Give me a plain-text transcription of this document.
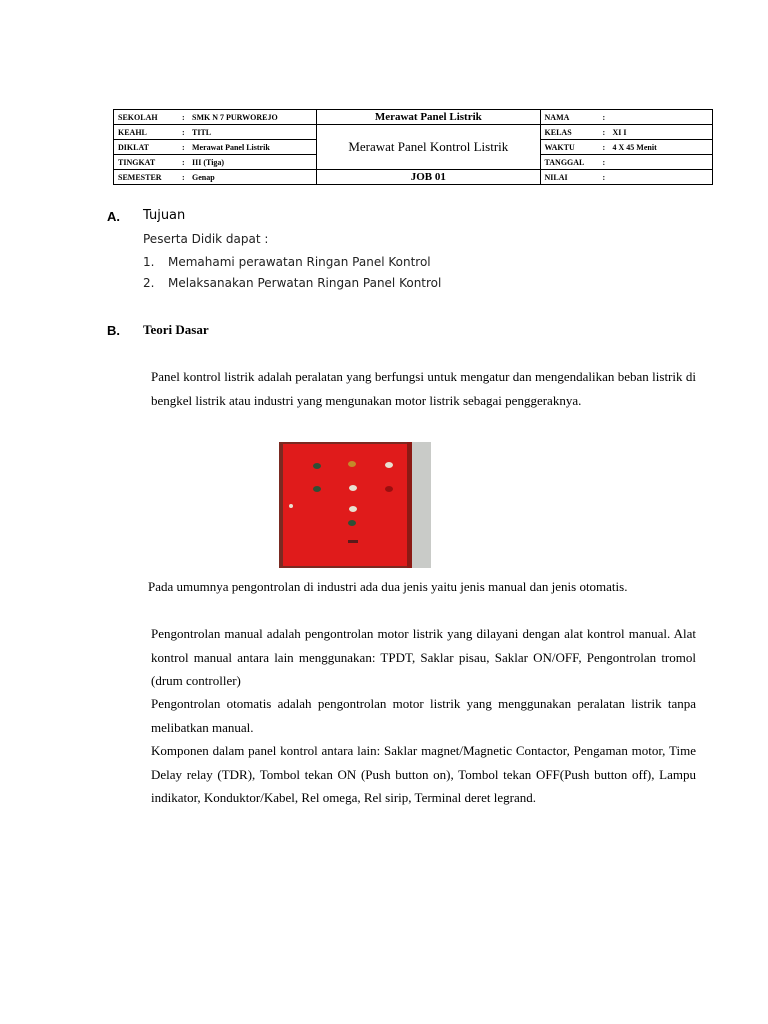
SEKOLAH : SMK N 7 PURWOREJO	Merawat Panel Listrik	NAMA :
KEAHL : TITL	Merawat Panel Kontrol Listrik	KELAS : XI I
DIKLAT : Merawat Panel Listrik		WAKTU : 4 X 45 Menit
TINGKAT : III (Tiga)		TANGGAL :
SEMESTER : Genap	JOB 01	NILAI :
A. Tujuan
Peserta Didik dapat :
1. Memahami perawatan Ringan Panel Kontrol
2. Melaksanakan Perwatan Ringan Panel Kontrol
B. Teori Dasar
Panel kontrol listrik adalah peralatan yang berfungsi untuk mengatur dan mengendalikan beban listrik di bengkel listrik atau industri yang mengunakan motor listrik sebagai penggeraknya.
Pada umumnya pengontrolan di industri ada dua jenis yaitu jenis manual dan jenis otomatis.
Pengontrolan manual adalah pengontrolan motor listrik yang dilayani dengan alat kontrol manual. Alat kontrol manual antara lain menggunakan: TPDT, Saklar pisau, Saklar ON/OFF, Pengontrolan tromol (drum controller)
Pengontrolan otomatis adalah pengontrolan motor listrik yang menggunakan peralatan listrik tanpa melibatkan manual.
Komponen dalam panel kontrol antara lain: Saklar magnet/Magnetic Contactor, Pengaman motor, Time Delay relay (TDR), Tombol tekan ON (Push button on), Tombol tekan OFF(Push button off), Lampu indikator, Konduktor/Kabel, Rel omega, Rel sirip, Terminal deret legrand.
